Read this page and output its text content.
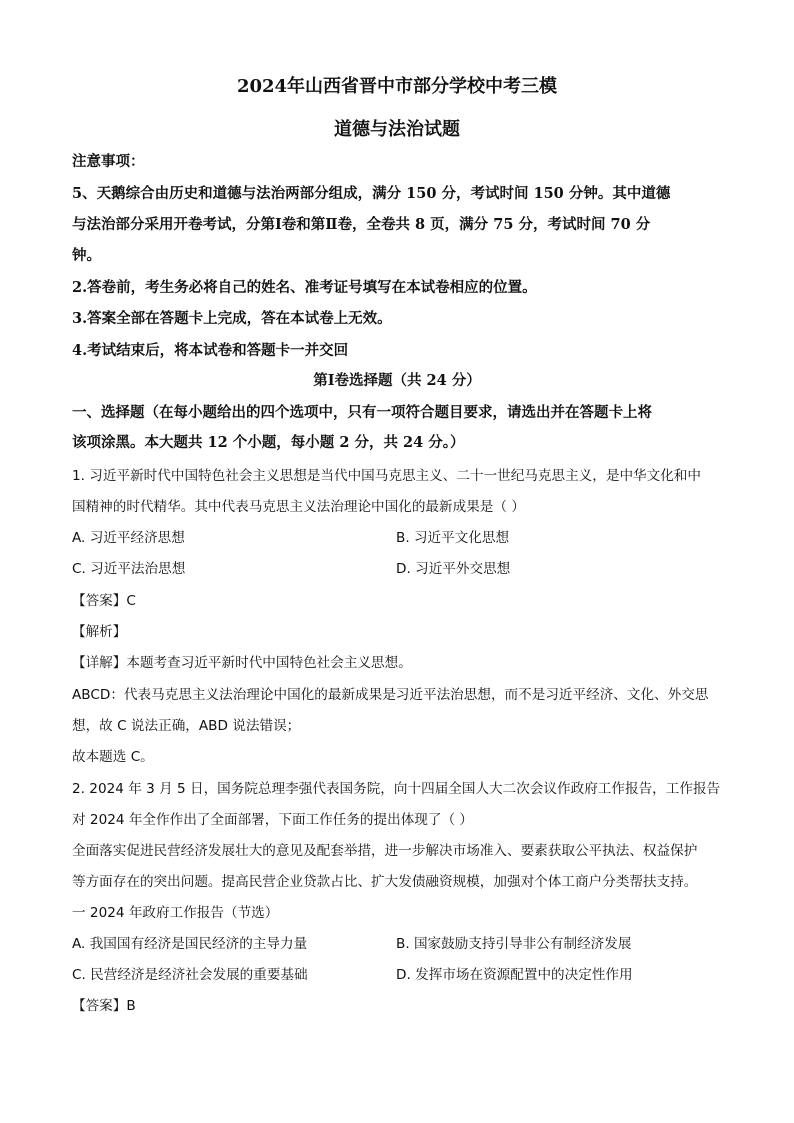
2024年山西省晋中市部分学校中考三模
道德与法治试题
注意事项：
5、天鹅综合由历史和道德与法治两部分组成，满分 150 分，考试时间 150 分钟。其中道德
与法治部分采用开卷考试，分第Ⅰ卷和第Ⅱ卷，全卷共 8 页，满分 75 分，考试时间 70 分
钟。
2.答卷前，考生务必将自己的姓名、准考证号填写在本试卷相应的位置。
3.答案全部在答题卡上完成，答在本试卷上无效。
4.考试结束后，将本试卷和答题卡一并交回
第Ⅰ卷选择题（共 24 分）
一、选择题（在每小题给出的四个选项中，只有一项符合题目要求，请选出并在答题卡上将
该项涂黑。本大题共 12 个小题，每小题 2 分，共 24 分。）
1. 习近平新时代中国特色社会主义思想是当代中国马克思主义、二十一世纪马克思主义，是中华文化和中
国精神的时代精华。其中代表马克思主义法治理论中国化的最新成果是（ ）
A. 习近平经济思想	B. 习近平文化思想
C. 习近平法治思想	D. 习近平外交思想
【答案】C
【解析】
【详解】本题考查习近平新时代中国特色社会主义思想。
ABCD：代表马克思主义法治理论中国化的最新成果是习近平法治思想，而不是习近平经济、文化、外交思
想，故 C 说法正确，ABD 说法错误；
故本题选 C。
2. 2024 年 3 月 5 日，国务院总理李强代表国务院，向十四届全国人大二次会议作政府工作报告，工作报告
对 2024 年全作作出了全面部署，下面工作任务的提出体现了（ ）
全面落实促进民营经济发展壮大的意见及配套举措，进一步解决市场准入、要素获取公平执法、权益保护
等方面存在的突出问题。提高民营企业贷款占比、扩大发债融资规模，加强对个体工商户分类帮扶支持。
一 2024 年政府工作报告（节选）
A. 我国国有经济是国民经济的主导力量	B. 国家鼓励支持引导非公有制经济发展
C. 民营经济是经济社会发展的重要基础	D. 发挥市场在资源配置中的决定性作用
【答案】B
